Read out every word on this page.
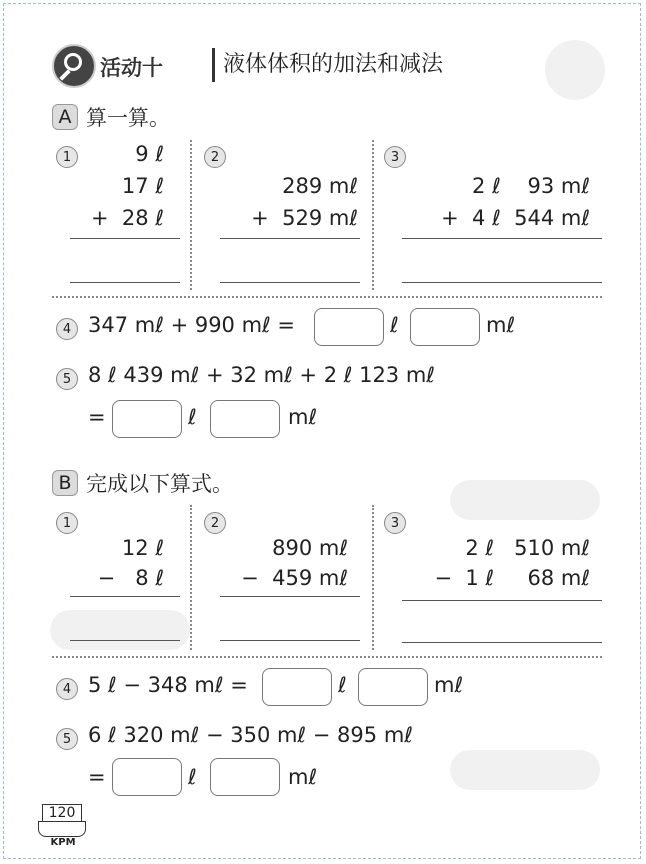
活动十	液体体积的加法和减法
A 算一算。
1	9 ℓ
17 ℓ
+  28 ℓ
2
289 mℓ
+  529 mℓ
3
2 ℓ    93 mℓ
+  4 ℓ  544 mℓ
4 347 mℓ + 990 mℓ =	ℓ	mℓ
5 8 ℓ 439 mℓ + 32 mℓ + 2 ℓ 123 mℓ
=	ℓ	mℓ
B 完成以下算式。
1
12 ℓ
−   8 ℓ
2
890 mℓ
−  459 mℓ
3
2 ℓ   510 mℓ
−  1 ℓ     68 mℓ
4 5 ℓ − 348 mℓ =	ℓ	mℓ
5 6 ℓ 320 mℓ − 350 mℓ − 895 mℓ
=	ℓ	mℓ
120
KPM
